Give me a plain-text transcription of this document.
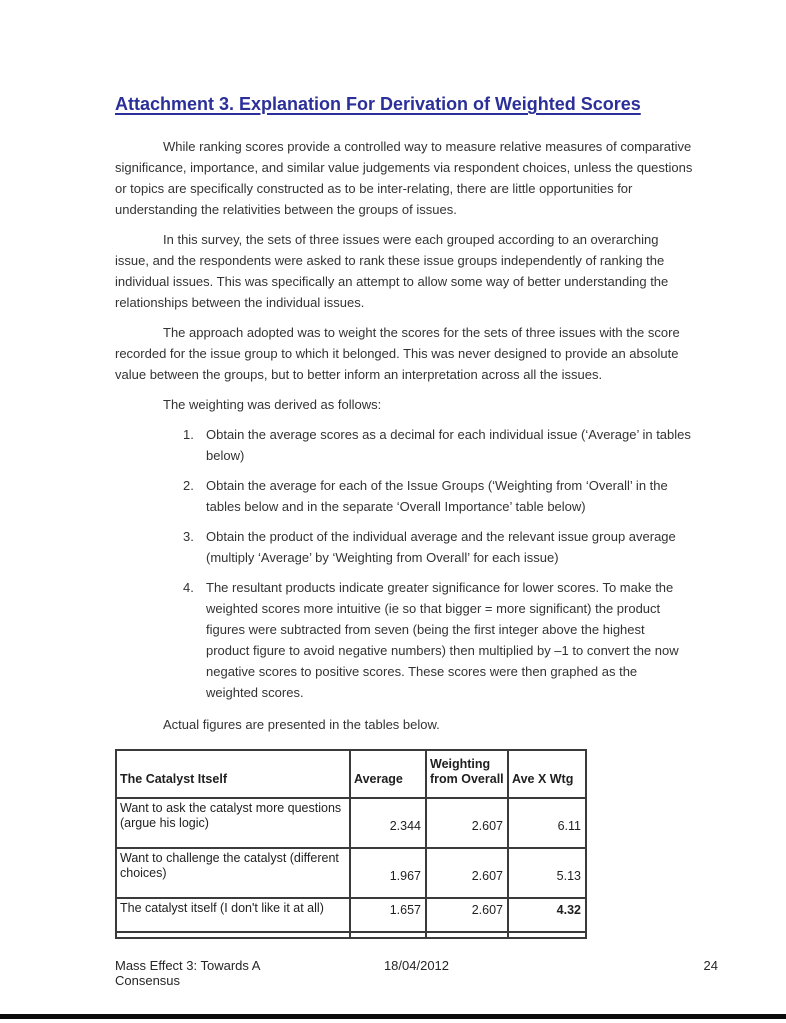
Attachment 3. Explanation For Derivation of Weighted Scores

While ranking scores provide a controlled way to measure relative measures of comparative significance, importance, and similar value judgements via respondent choices, unless the questions or topics are specifically constructed as to be inter-relating, there are little opportunities for understanding the relativities between the groups of issues.

In this survey, the sets of three issues were each grouped according to an overarching issue, and the respondents were asked to rank these issue groups independently of ranking the individual issues. This was specifically an attempt to allow some way of better understanding the relationships between the individual issues.

The approach adopted was to weight the scores for the sets of three issues with the score recorded for the issue group to which it belonged. This was never designed to provide an absolute value between the groups, but to better inform an interpretation across all the issues.

The weighting was derived as follows:

1. Obtain the average scores as a decimal for each individual issue (‘Average’ in tables below)
2. Obtain the average for each of the Issue Groups (‘Weighting from ‘Overall’ in the tables below and in the separate ‘Overall Importance’ table below)
3. Obtain the product of the individual average and the relevant issue group average (multiply ‘Average’ by ‘Weighting from Overall’ for each issue)
4. The resultant products indicate greater significance for lower scores. To make the weighted scores more intuitive (ie so that bigger = more significant) the product figures were subtracted from seven (being the first integer above the highest product figure to avoid negative numbers) then multiplied by –1 to convert the now negative scores to positive scores. These scores were then graphed as the weighted scores.

Actual figures are presented in the tables below.

The Catalyst Itself	Average	Weighting from Overall	Ave X Wtg
Want to ask the catalyst more questions (argue his logic)	2.344	2.607	6.11
Want to challenge the catalyst (different choices)	1.967	2.607	5.13
The catalyst itself (I don't like it at all)	1.657	2.607	4.32

Mass Effect 3: Towards A Consensus
18/04/2012	24
